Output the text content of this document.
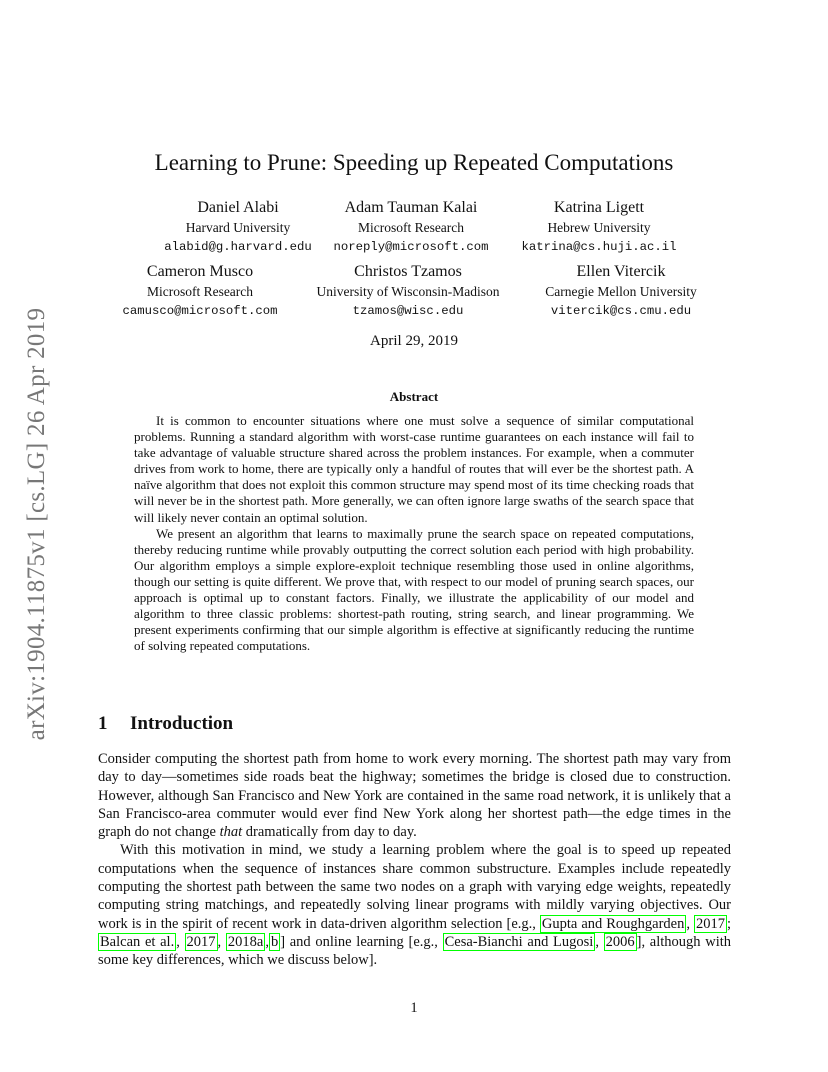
arXiv:1904.11875v1 [cs.LG] 26 Apr 2019
Learning to Prune: Speeding up Repeated Computations
Daniel Alabi
Harvard University
alabid@g.harvard.edu
Adam Tauman Kalai
Microsoft Research
noreply@microsoft.com
Katrina Ligett
Hebrew University
katrina@cs.huji.ac.il
Cameron Musco
Microsoft Research
camusco@microsoft.com
Christos Tzamos
University of Wisconsin-Madison
tzamos@wisc.edu
Ellen Vitercik
Carnegie Mellon University
vitercik@cs.cmu.edu
April 29, 2019
Abstract

It is common to encounter situations where one must solve a sequence of similar computational problems. Running a standard algorithm with worst-case runtime guarantees on each instance will fail to take advantage of valuable structure shared across the problem instances. For example, when a commuter drives from work to home, there are typically only a handful of routes that will ever be the shortest path. A naïve algorithm that does not exploit this common structure may spend most of its time checking roads that will never be in the shortest path. More generally, we can often ignore large swaths of the search space that will likely never contain an optimal solution.

We present an algorithm that learns to maximally prune the search space on repeated computations, thereby reducing runtime while provably outputting the correct solution each period with high probability. Our algorithm employs a simple explore-exploit technique resembling those used in online algorithms, though our setting is quite different. We prove that, with respect to our model of pruning search spaces, our approach is optimal up to constant factors. Finally, we illustrate the applicability of our model and algorithm to three classic problems: shortest-path routing, string search, and linear programming. We present experiments confirming that our simple algorithm is effective at significantly reducing the runtime of solving repeated computations.

1 Introduction

Consider computing the shortest path from home to work every morning. The shortest path may vary from day to day—sometimes side roads beat the highway; sometimes the bridge is closed due to construction. However, although San Francisco and New York are contained in the same road network, it is unlikely that a San Francisco-area commuter would ever find New York along her shortest path—the edge times in the graph do not change that dramatically from day to day.

With this motivation in mind, we study a learning problem where the goal is to speed up repeated computations when the sequence of instances share common substructure. Examples include repeatedly computing the shortest path between the same two nodes on a graph with varying edge weights, repeatedly computing string matchings, and repeatedly solving linear programs with mildly varying objectives. Our work is in the spirit of recent work in data-driven algorithm selection [e.g., Gupta and Roughgarden , 2017 ; Balcan et al. , 2017 , 2018a , b ] and online learning [e.g., Cesa-Bianchi and Lugosi , 2006 ], although with some key differences, which we discuss below].

1
